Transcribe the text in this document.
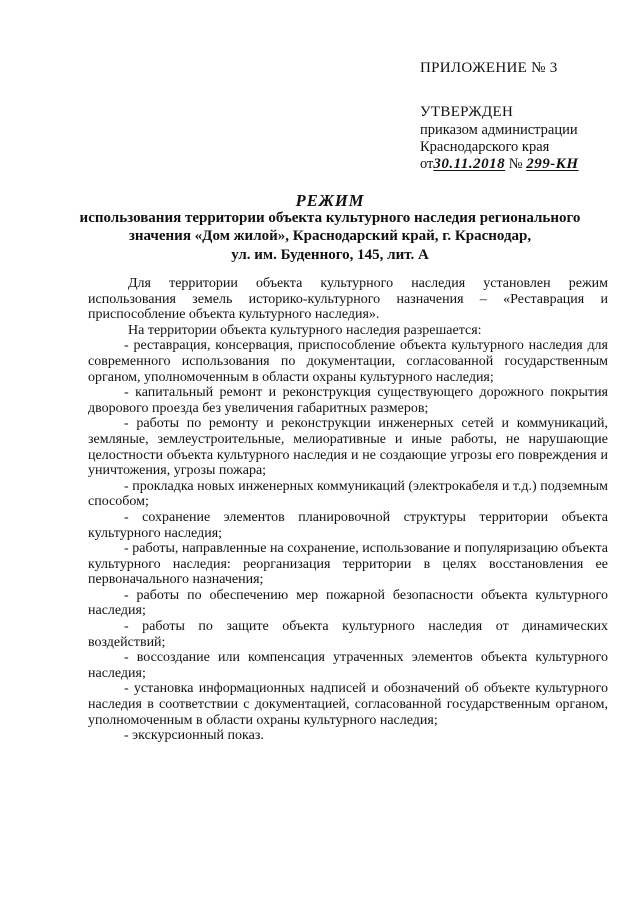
ПРИЛОЖЕНИЕ № 3
УТВЕРЖДЕН
приказом администрации
Краснодарского края
от30.11.2018 № 299-КН
РЕЖИМ
использования территории объекта культурного наследия регионального
значения «Дом жилой», Краснодарский край, г. Краснодар,
ул. им. Буденного, 145, лит. А

Для территории объекта культурного наследия установлен режим использования земель историко-культурного назначения – «Реставрация и приспособление объекта культурного наследия».

На территории объекта культурного наследия разрешается:

- реставрация, консервация, приспособление объекта культурного наследия для современного использования по документации, согласованной государственным органом, уполномоченным в области охраны культурного наследия;

- капитальный ремонт и реконструкция существующего дорожного покрытия дворового проезда без увеличения габаритных размеров;

- работы по ремонту и реконструкции инженерных сетей и коммуникаций, земляные, землеустроительные, мелиоративные и иные работы, не нарушающие целостности объекта культурного наследия и не создающие угрозы его повреждения и уничтожения, угрозы пожара;

- прокладка новых инженерных коммуникаций (электрокабеля и т.д.) подземным способом;

- сохранение элементов планировочной структуры территории объекта культурного наследия;

- работы, направленные на сохранение, использование и популяризацию объекта культурного наследия: реорганизация территории в целях восстановления ее первоначального назначения;

- работы по обеспечению мер пожарной безопасности объекта культурного наследия;

- работы по защите объекта культурного наследия от динамических воздействий;

- воссоздание или компенсация утраченных элементов объекта культурного наследия;

- установка информационных надписей и обозначений об объекте культурного наследия в соответствии с документацией, согласованной государственным органом, уполномоченным в области охраны культурного наследия;

- экскурсионный показ.
